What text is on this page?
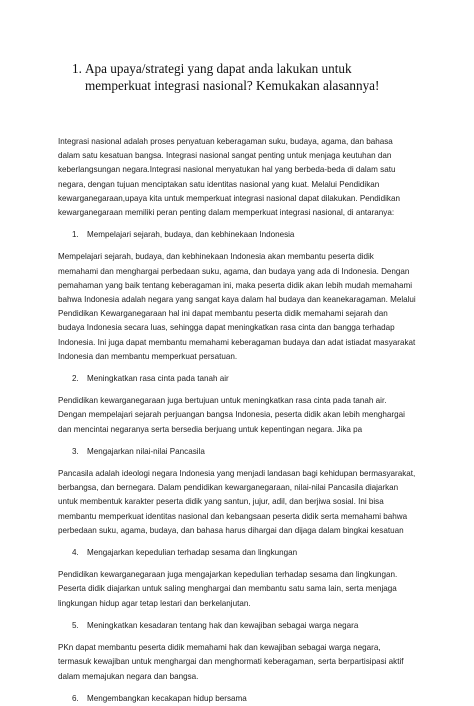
1. Apa upaya/strategi yang dapat anda lakukan untuk memperkuat integrasi nasional? Kemukakan alasannya!

Integrasi nasional adalah proses penyatuan keberagaman suku, budaya, agama, dan bahasa dalam satu kesatuan bangsa. Integrasi nasional sangat penting untuk menjaga keutuhan dan keberlangsungan negara.Integrasi nasional menyatukan hal yang berbeda-beda di dalam satu negara, dengan tujuan menciptakan satu identitas nasional yang kuat. Melalui Pendidikan kewarganegaraan,upaya kita untuk memperkuat integrasi nasional dapat dilakukan. Pendidikan kewarganegaraan memiliki peran penting dalam memperkuat integrasi nasional, di antaranya:

1.	Mempelajari sejarah, budaya, dan kebhinekaan Indonesia

Mempelajari sejarah, budaya, dan kebhinekaan Indonesia akan membantu peserta didik memahami dan menghargai perbedaan suku, agama, dan budaya yang ada di Indonesia. Dengan pemahaman yang baik tentang keberagaman ini, maka peserta didik akan lebih mudah memahami bahwa Indonesia adalah negara yang sangat kaya dalam hal budaya dan keanekaragaman. Melalui Pendidikan Kewarganegaraan hal ini dapat membantu peserta didik memahami sejarah dan budaya Indonesia secara luas, sehingga dapat meningkatkan rasa cinta dan bangga terhadap Indonesia. Ini juga dapat membantu memahami keberagaman budaya dan adat istiadat masyarakat Indonesia dan membantu memperkuat persatuan.

2.	Meningkatkan rasa cinta pada tanah air

Pendidikan kewarganegaraan juga bertujuan untuk meningkatkan rasa cinta pada tanah air. Dengan mempelajari sejarah perjuangan bangsa Indonesia, peserta didik akan lebih menghargai dan mencintai negaranya serta bersedia berjuang untuk kepentingan negara. Jika pa

3.	Mengajarkan nilai-nilai Pancasila

Pancasila adalah ideologi negara Indonesia yang menjadi landasan bagi kehidupan bermasyarakat, berbangsa, dan bernegara. Dalam pendidikan kewarganegaraan, nilai-nilai Pancasila diajarkan untuk membentuk karakter peserta didik yang santun, jujur, adil, dan berjiwa sosial. Ini bisa membantu memperkuat identitas nasional dan kebangsaan peserta didik serta memahami bahwa perbedaan suku, agama, budaya, dan bahasa harus dihargai dan dijaga dalam bingkai kesatuan

4.	Mengajarkan kepedulian terhadap sesama dan lingkungan

Pendidikan kewarganegaraan juga mengajarkan kepedulian terhadap sesama dan lingkungan. Peserta didik diajarkan untuk saling menghargai dan membantu satu sama lain, serta menjaga lingkungan hidup agar tetap lestari dan berkelanjutan.

5.	Meningkatkan kesadaran tentang hak dan kewajiban sebagai warga negara

PKn dapat membantu peserta didik memahami hak dan kewajiban sebagai warga negara, termasuk kewajiban untuk menghargai dan menghormati keberagaman, serta berpartisipasi aktif dalam memajukan negara dan bangsa.

6.	Mengembangkan kecakapan hidup bersama
